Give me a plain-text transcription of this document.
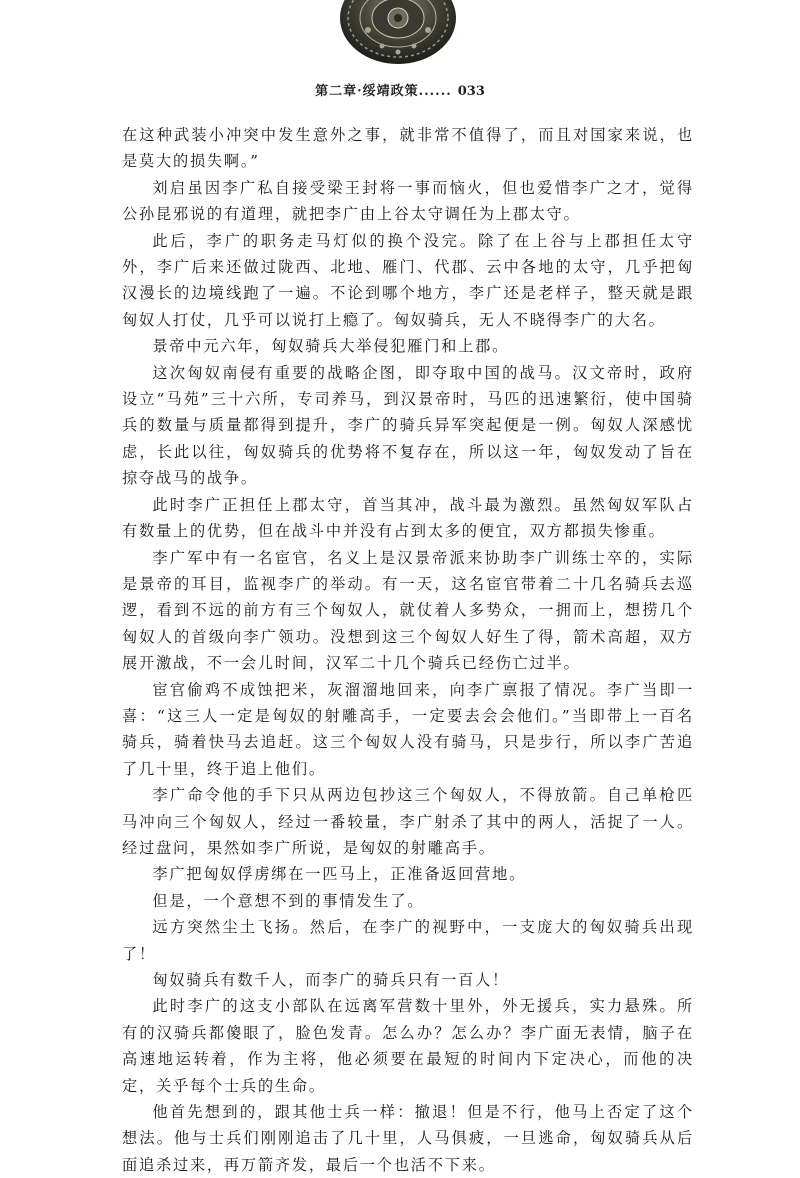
第二章·绥靖政策...... 033

在这种武装小冲突中发生意外之事，就非常不值得了，而且对国家来说，也是莫大的损失啊。”

刘启虽因李广私自接受梁王封将一事而恼火，但也爱惜李广之才，觉得公孙昆邪说的有道理，就把李广由上谷太守调任为上郡太守。

此后，李广的职务走马灯似的换个没完。除了在上谷与上郡担任太守外，李广后来还做过陇西、北地、雁门、代郡、云中各地的太守，几乎把匈汉漫长的边境线跑了一遍。不论到哪个地方，李广还是老样子，整天就是跟匈奴人打仗，几乎可以说打上瘾了。匈奴骑兵，无人不晓得李广的大名。

景帝中元六年，匈奴骑兵大举侵犯雁门和上郡。

这次匈奴南侵有重要的战略企图，即夺取中国的战马。汉文帝时，政府设立“马苑”三十六所，专司养马，到汉景帝时，马匹的迅速繁衍，使中国骑兵的数量与质量都得到提升，李广的骑兵异军突起便是一例。匈奴人深感忧虑，长此以往，匈奴骑兵的优势将不复存在，所以这一年，匈奴发动了旨在掠夺战马的战争。

此时李广正担任上郡太守，首当其冲，战斗最为激烈。虽然匈奴军队占有数量上的优势，但在战斗中并没有占到太多的便宜，双方都损失惨重。

李广军中有一名宦官，名义上是汉景帝派来协助李广训练士卒的，实际是景帝的耳目，监视李广的举动。有一天，这名宦官带着二十几名骑兵去巡逻，看到不远的前方有三个匈奴人，就仗着人多势众，一拥而上，想捞几个匈奴人的首级向李广领功。没想到这三个匈奴人好生了得，箭术高超，双方展开激战，不一会儿时间，汉军二十几个骑兵已经伤亡过半。

宦官偷鸡不成蚀把米，灰溜溜地回来，向李广禀报了情况。李广当即一喜：“这三人一定是匈奴的射雕高手，一定要去会会他们。”当即带上一百名骑兵，骑着快马去追赶。这三个匈奴人没有骑马，只是步行，所以李广苦追了几十里，终于追上他们。

李广命令他的手下只从两边包抄这三个匈奴人，不得放箭。自己单枪匹马冲向三个匈奴人，经过一番较量，李广射杀了其中的两人，活捉了一人。经过盘问，果然如李广所说，是匈奴的射雕高手。

李广把匈奴俘虏绑在一匹马上，正准备返回营地。

但是，一个意想不到的事情发生了。

远方突然尘土飞扬。然后，在李广的视野中，一支庞大的匈奴骑兵出现了！

匈奴骑兵有数千人，而李广的骑兵只有一百人！

此时李广的这支小部队在远离军营数十里外，外无援兵，实力悬殊。所有的汉骑兵都傻眼了，脸色发青。怎么办？怎么办？李广面无表情，脑子在高速地运转着，作为主将，他必须要在最短的时间内下定决心，而他的决定，关乎每个士兵的生命。

他首先想到的，跟其他士兵一样：撤退！但是不行，他马上否定了这个想法。他与士兵们刚刚追击了几十里，人马俱疲，一旦逃命，匈奴骑兵从后面追杀过来，再万箭齐发，最后一个也活不下来。
